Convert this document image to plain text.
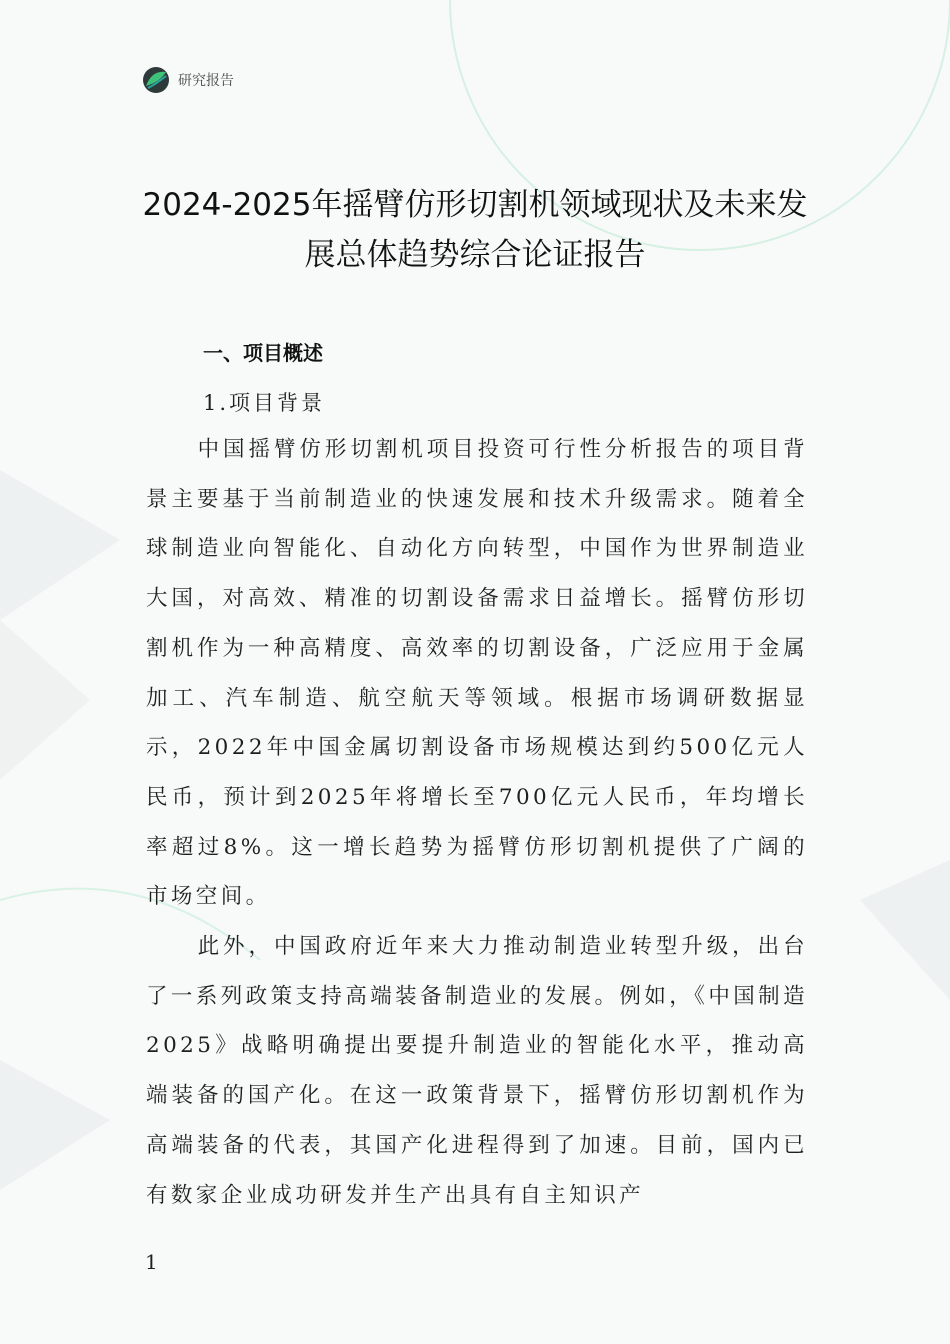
研究报告
2024-2025年摇臂仿形切割机领域现状及未来发展总体趋势综合论证报告
一、项目概述
1.项目背景

中国摇臂仿形切割机项目投资可行性分析报告的项目背景主要基于当前制造业的快速发展和技术升级需求。随着全球制造业向智能化、自动化方向转型，中国作为世界制造业大国，对高效、精准的切割设备需求日益增长。摇臂仿形切割机作为一种高精度、高效率的切割设备，广泛应用于金属加工、汽车制造、航空航天等领域。根据市场调研数据显示，2022年中国金属切割设备市场规模达到约500亿元人民币，预计到2025年将增长至700亿元人民币，年均增长率超过8%。这一增长趋势为摇臂仿形切割机提供了广阔的市场空间。

此外，中国政府近年来大力推动制造业转型升级，出台了一系列政策支持高端装备制造业的发展。例如，《中国制造2025》战略明确提出要提升制造业的智能化水平，推动高端装备的国产化。在这一政策背景下，摇臂仿形切割机作为高端装备的代表，其国产化进程得到了加速。目前，国内已有数家企业成功研发并生产出具有自主知识产

1
